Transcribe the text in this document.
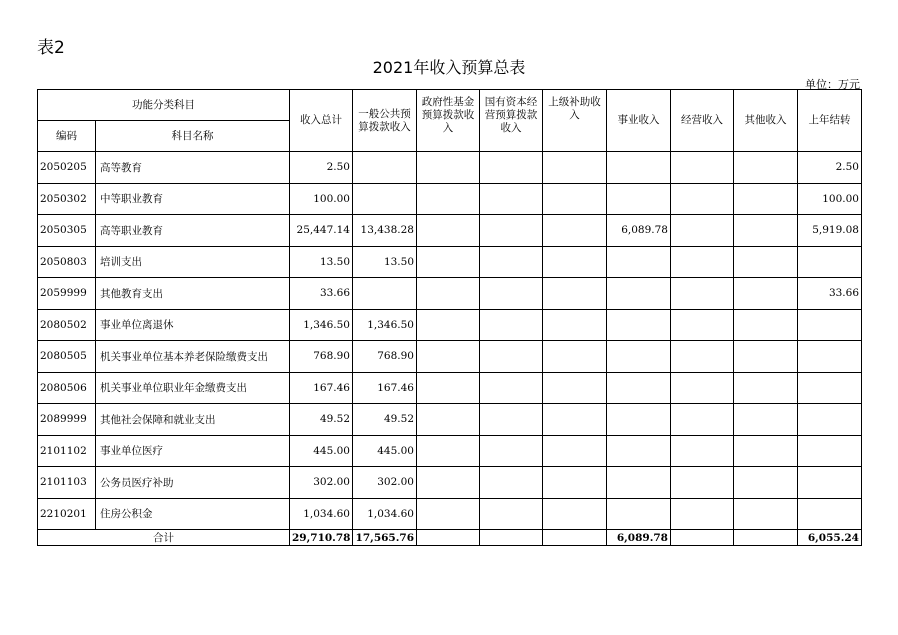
表2
2021年收入预算总表
单位：万元
功能分类科目		收入总计	一般公共预算拨款收入	政府性基金预算拨款收入	国有资本经营预算拨款收入	上级补助收入	事业收入	经营收入	其他收入	上年结转
编码	科目名称									
2050205	高等教育	2.50								2.50
2050302	中等职业教育	100.00								100.00
2050305	高等职业教育	25,447.14	13,438.28				6,089.78			5,919.08
2050803	培训支出	13.50	13.50							
2059999	其他教育支出	33.66								33.66
2080502	事业单位离退休	1,346.50	1,346.50							
2080505	机关事业单位基本养老保险缴费支出	768.90	768.90							
2080506	机关事业单位职业年金缴费支出	167.46	167.46							
2089999	其他社会保障和就业支出	49.52	49.52							
2101102	事业单位医疗	445.00	445.00							
2101103	公务员医疗补助	302.00	302.00							
2210201	住房公积金	1,034.60	1,034.60							
合计		29,710.78	17,565.76				6,089.78			6,055.24
